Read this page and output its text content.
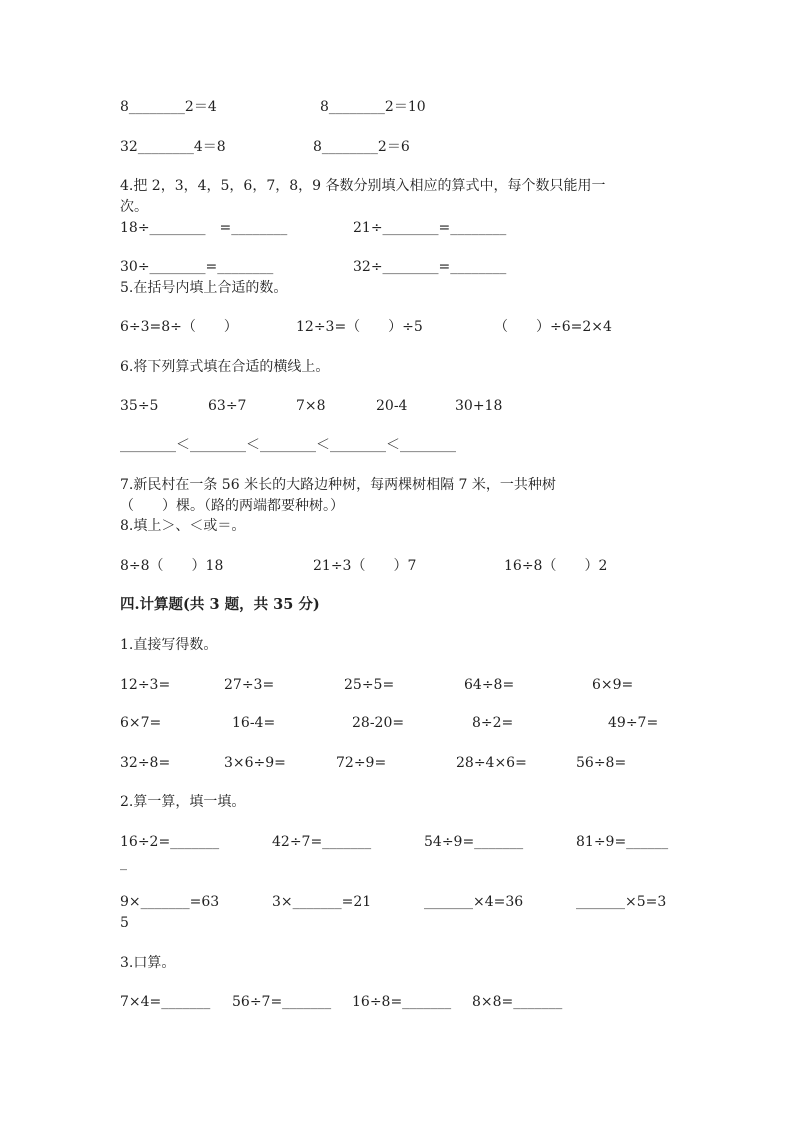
8________2＝4	8________2＝10
32________4＝8	8________2＝6
4.把 2，3，4，5，6，7，8，9 各数分别填入相应的算式中，每个数只能用一
次。
18÷________　=________	21÷________=________
30÷________=________	32÷________=________
5.在括号内填上合适的数。
6÷3=8÷（　　）	12÷3=（　　）÷5	（　　）÷6=2×4
6.将下列算式填在合适的横线上。
35÷5	63÷7	7×8	20-4	30+18
________＜________＜________＜________＜________
7.新民村在一条 56 米长的大路边种树，每两棵树相隔 7 米，一共种树
（　　）棵。（路的两端都要种树。）
8.填上＞、＜或＝。
8÷8（　　）18	21÷3（　　）7	16÷8（　　）2
四.计算题(共 3 题，共 35 分)
1.直接写得数。
12÷3=	27÷3=	25÷5=	64÷8=	6×9=
6×7=	16-4=	28-20=	8÷2=	49÷7=
32÷8=	3×6÷9=	72÷9=	28÷4×6=	56÷8=
2.算一算，填一填。
16÷2=_______	42÷7=_______	54÷9=_______	81÷9=______
_
9×_______=63	3×_______=21	_______×4=36	_______×5=3
5
3.口算。
7×4=_______ 56÷7=_______ 16÷8=_______ 8×8=_______
